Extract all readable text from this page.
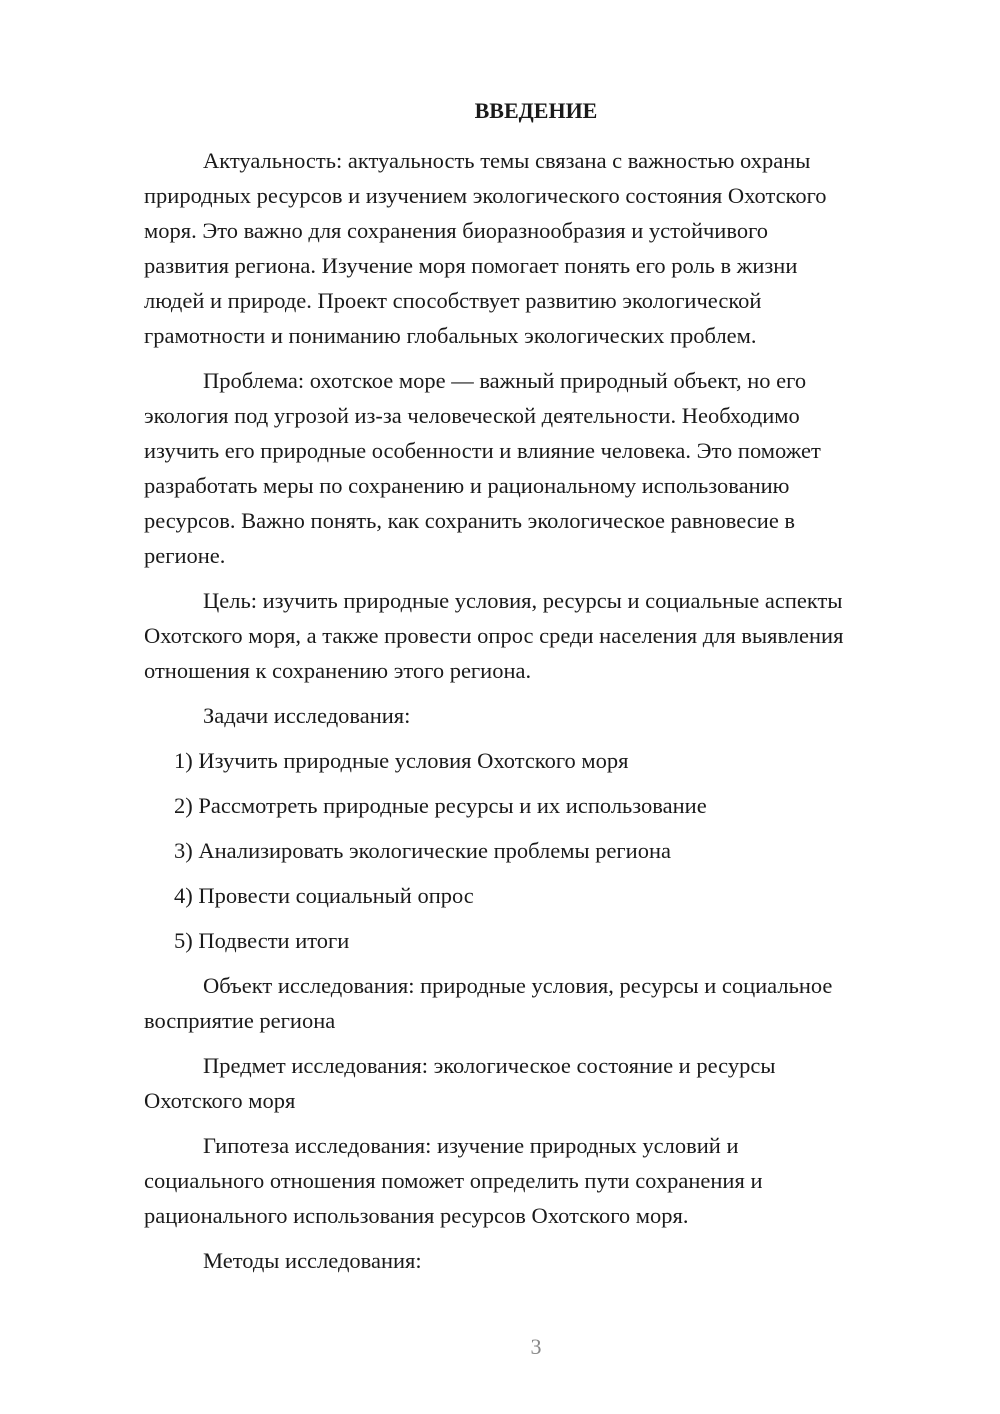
ВВЕДЕНИЕ

Актуальность: актуальность темы связана с важностью охраны
природных ресурсов и изучением экологического состояния Охотского
моря. Это важно для сохранения биоразнообразия и устойчивого
развития региона. Изучение моря помогает понять его роль в жизни
людей и природе. Проект способствует развитию экологической
грамотности и пониманию глобальных экологических проблем.

Проблема: охотское море — важный природный объект, но его
экология под угрозой из-за человеческой деятельности. Необходимо
изучить его природные особенности и влияние человека. Это поможет
разработать меры по сохранению и рациональному использованию
ресурсов. Важно понять, как сохранить экологическое равновесие в
регионе.

Цель: изучить природные условия, ресурсы и социальные аспекты
Охотского моря, а также провести опрос среди населения для выявления
отношения к сохранению этого региона.

Задачи исследования:

1) Изучить природные условия Охотского моря

2) Рассмотреть природные ресурсы и их использование

3) Анализировать экологические проблемы региона

4) Провести социальный опрос

5) Подвести итоги

Объект исследования: природные условия, ресурсы и социальное
восприятие региона

Предмет исследования: экологическое состояние и ресурсы
Охотского моря

Гипотеза исследования: изучение природных условий и
социального отношения поможет определить пути сохранения и
рационального использования ресурсов Охотского моря.

Методы исследования:

3
